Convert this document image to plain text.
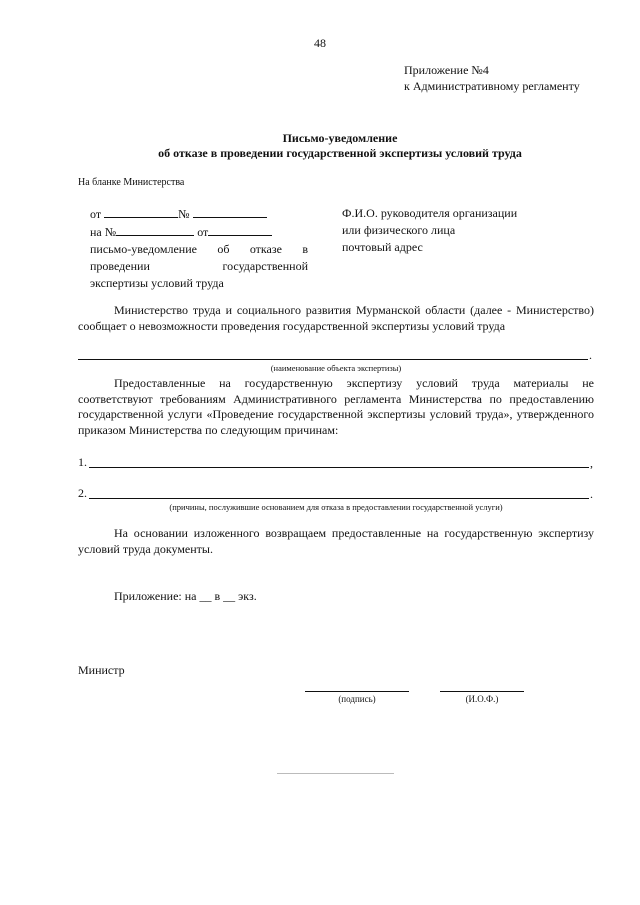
48
Приложение №4
к Административному регламенту
Письмо-уведомление
об отказе в проведении государственной экспертизы условий труда
На бланке Министерства
от	№
на №	от
письмо-уведомление об отказе в
проведении государственной
экспертизы условий труда
Ф.И.О. руководителя организации
или физического лица
почтовый адрес
Министерство труда и социального развития Мурманской области (далее - Министерство) сообщает о невозможности проведения государственной экспертизы условий труда
.
(наименование объекта экспертизы)
Предоставленные на государственную экспертизу условий труда материалы не соответствуют требованиям Административного регламента Министерства по предоставлению государственной услуги «Проведение государственной экспертизы условий труда», утвержденного приказом Министерства по следующим причинам:
1.	,
2.	.
(причины, послужившие основанием для отказа в предоставлении государственной услуги)
На основании изложенного возвращаем предоставленные на государственную экспертизу условий труда документы.
Приложение: на __ в __ экз.
Министр
(подпись)	(И.О.Ф.)
